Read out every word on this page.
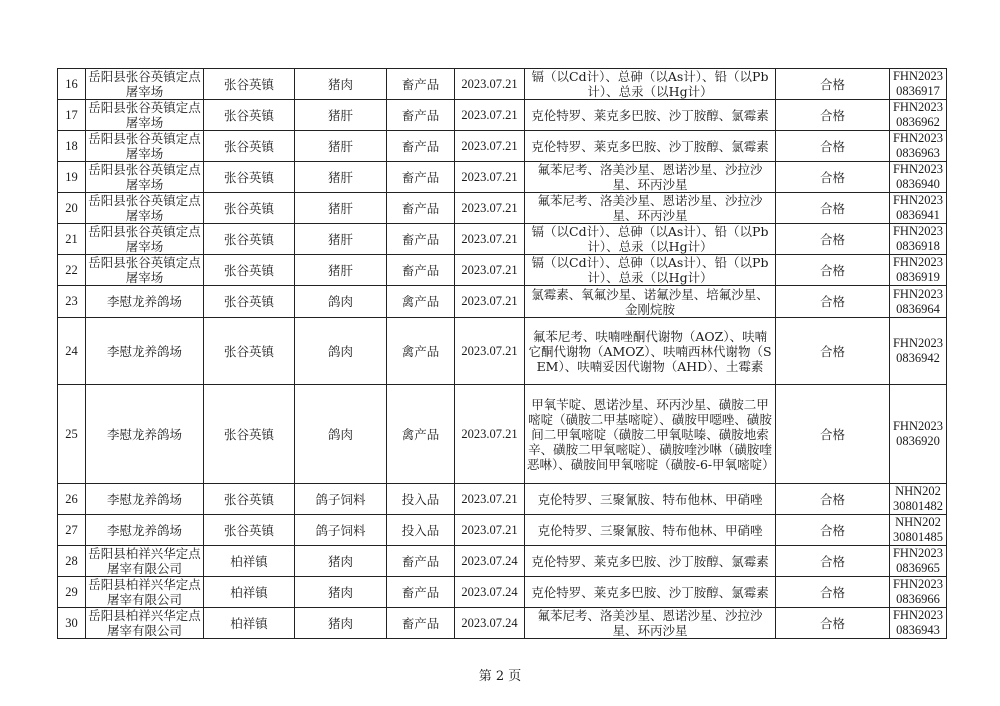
16	岳阳县张谷英镇定点屠宰场	张谷英镇	猪肉	畜产品	2023.07.21	镉（以Cd计）、总砷（以As计）、铅（以Pb计）、总汞（以Hg计）	合格	FHN2023 0836917
17	岳阳县张谷英镇定点屠宰场	张谷英镇	猪肝	畜产品	2023.07.21	克伦特罗、莱克多巴胺、沙丁胺醇、氯霉素	合格	FHN2023 0836962
18	岳阳县张谷英镇定点屠宰场	张谷英镇	猪肝	畜产品	2023.07.21	克伦特罗、莱克多巴胺、沙丁胺醇、氯霉素	合格	FHN2023 0836963
19	岳阳县张谷英镇定点屠宰场	张谷英镇	猪肝	畜产品	2023.07.21	氟苯尼考、洛美沙星、恩诺沙星、沙拉沙星、环丙沙星	合格	FHN2023 0836940
20	岳阳县张谷英镇定点屠宰场	张谷英镇	猪肝	畜产品	2023.07.21	氟苯尼考、洛美沙星、恩诺沙星、沙拉沙星、环丙沙星	合格	FHN2023 0836941
21	岳阳县张谷英镇定点屠宰场	张谷英镇	猪肝	畜产品	2023.07.21	镉（以Cd计）、总砷（以As计）、铅（以Pb计）、总汞（以Hg计）	合格	FHN2023 0836918
22	岳阳县张谷英镇定点屠宰场	张谷英镇	猪肝	畜产品	2023.07.21	镉（以Cd计）、总砷（以As计）、铅（以Pb计）、总汞（以Hg计）	合格	FHN2023 0836919
23	李慰龙养鸽场	张谷英镇	鸽肉	禽产品	2023.07.21	氯霉素、氧氟沙星、诺氟沙星、培氟沙星、金刚烷胺	合格	FHN2023 0836964
24	李慰龙养鸽场	张谷英镇	鸽肉	禽产品	2023.07.21	氟苯尼考、呋喃唑酮代谢物（AOZ）、呋喃它酮代谢物（AMOZ）、呋喃西林代谢物（SEM）、呋喃妥因代谢物（AHD）、土霉素	合格	FHN2023 0836942
25	李慰龙养鸽场	张谷英镇	鸽肉	禽产品	2023.07.21	甲氧苄啶、恩诺沙星、环丙沙星、磺胺二甲嘧啶（磺胺二甲基嘧啶）、磺胺甲噁唑、磺胺间二甲氧嘧啶（磺胺二甲氧哒嗪、磺胺地索辛、磺胺二甲氧嘧啶）、磺胺喹沙啉（磺胺喹恶啉）、磺胺间甲氧嘧啶（磺胺-6-甲氧嘧啶）	合格	FHN2023 0836920
26	李慰龙养鸽场	张谷英镇	鸽子饲料	投入品	2023.07.21	克伦特罗、三聚氰胺、特布他林、甲硝唑	合格	NHN202 30801482
27	李慰龙养鸽场	张谷英镇	鸽子饲料	投入品	2023.07.21	克伦特罗、三聚氰胺、特布他林、甲硝唑	合格	NHN202 30801485
28	岳阳县柏祥兴华定点屠宰有限公司	柏祥镇	猪肉	畜产品	2023.07.24	克伦特罗、莱克多巴胺、沙丁胺醇、氯霉素	合格	FHN2023 0836965
29	岳阳县柏祥兴华定点屠宰有限公司	柏祥镇	猪肉	畜产品	2023.07.24	克伦特罗、莱克多巴胺、沙丁胺醇、氯霉素	合格	FHN2023 0836966
30	岳阳县柏祥兴华定点屠宰有限公司	柏祥镇	猪肉	畜产品	2023.07.24	氟苯尼考、洛美沙星、恩诺沙星、沙拉沙星、环丙沙星	合格	FHN2023 0836943
第 2 页
